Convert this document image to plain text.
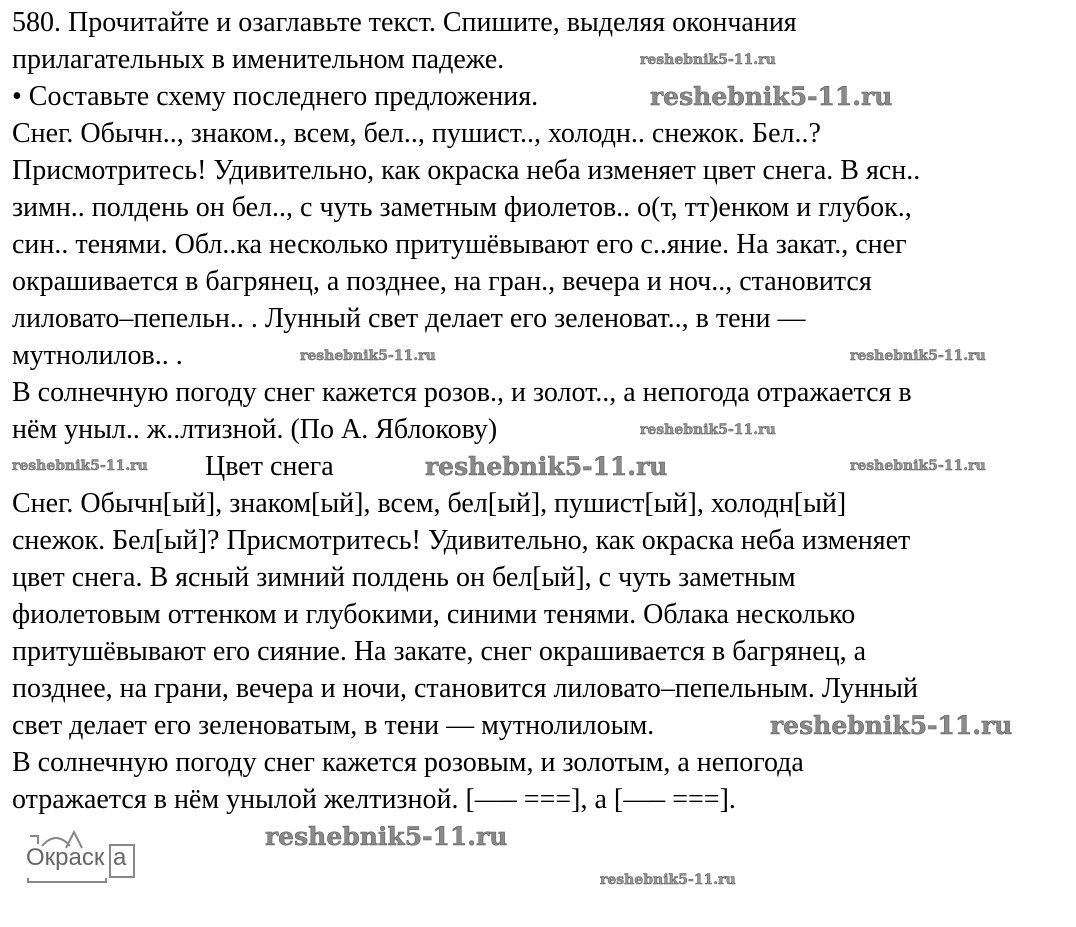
580. Прочитайте и озаглавьте текст. Спишите, выделяя окончания
прилагательных в именительном падеже.
• Составьте схему последнего предложения.
Снег. Обычн.., знаком., всем, бел.., пушист.., холодн.. снежок. Бел..?
Присмотритесь! Удивительно, как окраска неба изменяет цвет снега. В ясн..
зимн.. полдень он бел.., с чуть заметным фиолетов.. о(т, тт)енком и глубок.,
син.. тенями. Обл..ка несколько притушёвывают его с..яние. На закат., снег
окрашивается в багрянец, а позднее, на гран., вечера и ноч.., становится
лиловато–пепельн.. . Лунный свет делает его зеленоват.., в тени —
мутнолилов.. .
В солнечную погоду снег кажется розов., и золот.., а непогода отражается в
нём уныл.. ж..лтизной. (По А. Яблокову)
Цвет снега
Снег. Обычн[ый], знаком[ый], всем, бел[ый], пушист[ый], холодн[ый]
снежок. Бел[ый]? Присмотритесь! Удивительно, как окраска неба изменяет
цвет снега. В ясный зимний полдень он бел[ый], с чуть заметным
фиолетовым оттенком и глубокими, синими тенями. Облака несколько
притушёвывают его сияние. На закате, снег окрашивается в багрянец, а
позднее, на грани, вечера и ночи, становится лиловато–пепельным. Лунный
свет делает его зеленоватым, в тени — мутнолилоым.
В солнечную погоду снег кажется розовым, и золотым, а непогода
отражается в нём унылой желтизной. [—– ===], а [—– ===].
reshebnik5-11.ru
reshebnik5-11.ru
reshebnik5-11.ru	reshebnik5-11.ru
reshebnik5-11.ru
reshebnik5-11.ru	reshebnik5-11.ru	reshebnik5-11.ru
reshebnik5-11.ru
reshebnik5-11.ru
reshebnik5-11.ru
Окраск а
